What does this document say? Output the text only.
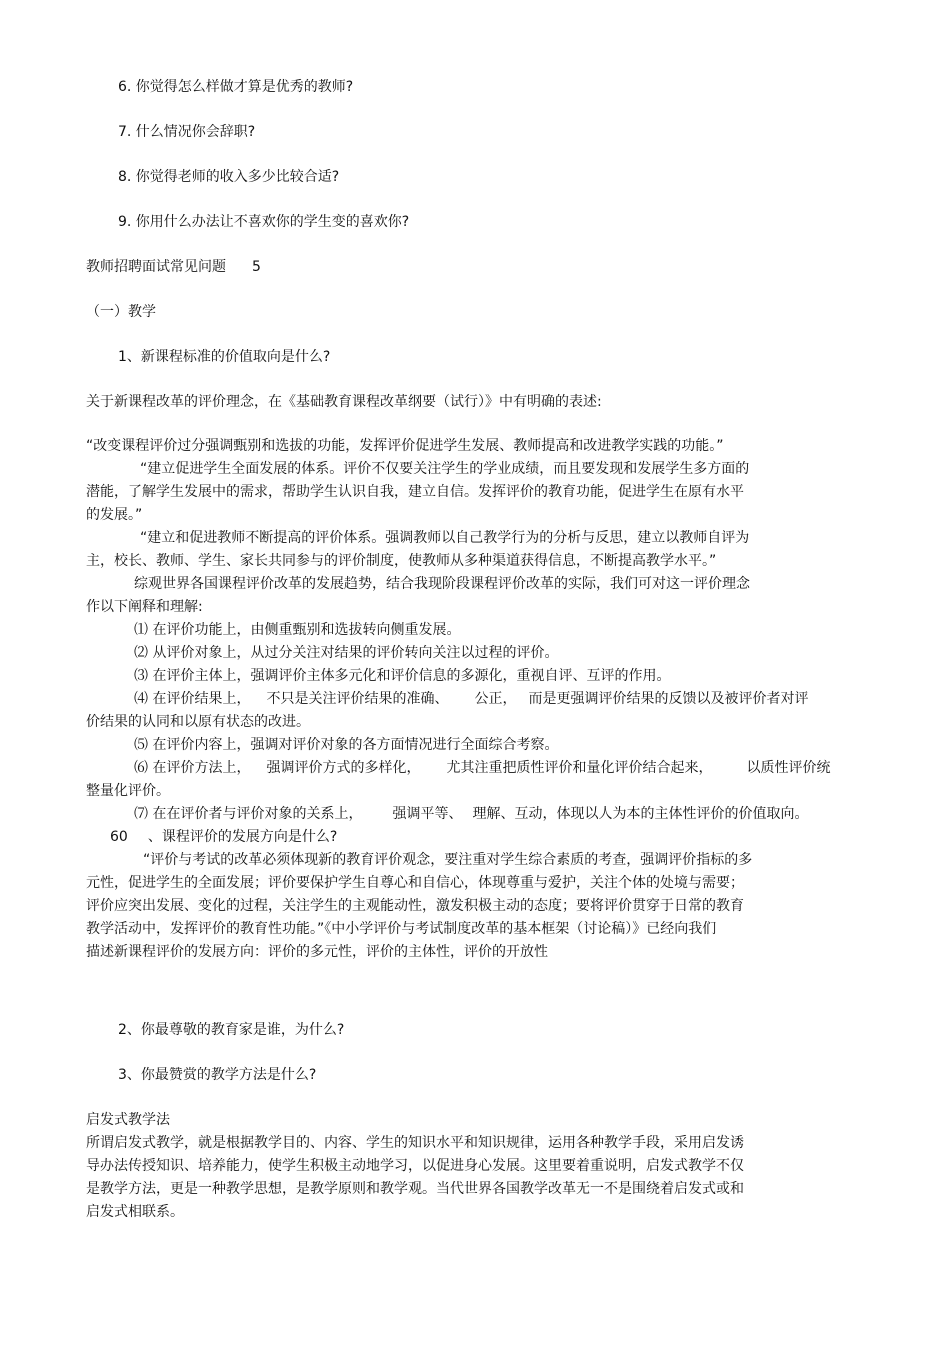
6. 你觉得怎么样做才算是优秀的教师?
7. 什么情况你会辞职?
8. 你觉得老师的收入多少比较合适?
9. 你用什么办法让不喜欢你的学生变的喜欢你?
教师招聘面试常见问题 5
（一）教学
1、新课程标准的价值取向是什么?
关于新课程改革的评价理念，在《基础教育课程改革纲要（试行）》中有明确的表述:
“改变课程评价过分强调甄别和选拔的功能，发挥评价促进学生发展、教师提高和改进教学实践的功能。”
“建立促进学生全面发展的体系。评价不仅要关注学生的学业成绩，而且要发现和发展学生多方面的
潜能，了解学生发展中的需求，帮助学生认识自我，建立自信。发挥评价的教育功能，促进学生在原有水平
的发展。”
“建立和促进教师不断提高的评价体系。强调教师以自己教学行为的分析与反思，建立以教师自评为
主，校长、教师、学生、家长共同参与的评价制度，使教师从多种渠道获得信息，不断提高教学水平。”
综观世界各国课程评价改革的发展趋势，结合我现阶段课程评价改革的实际，我们可对这一评价理念
作以下阐释和理解:
⑴ 在评价功能上，由侧重甄别和选拔转向侧重发展。
⑵ 从评价对象上，从过分关注对结果的评价转向关注以过程的评价。
⑶ 在评价主体上，强调评价主体多元化和评价信息的多源化，重视自评、互评的作用。
⑷ 在评价结果上， 不只是关注评价结果的准确、 公正， 而是更强调评价结果的反馈以及被评价者对评
价结果的认同和以原有状态的改进。
⑸ 在评价内容上，强调对评价对象的各方面情况进行全面综合考察。
⑹ 在评价方法上， 强调评价方式的多样化， 尤其注重把质性评价和量化评价结合起来， 以质性评价统
整量化评价。
⑺ 在在评价者与评价对象的关系上， 强调平等、 理解、互动，体现以人为本的主体性评价的价值取向。
60 、课程评价的发展方向是什么?
“评价与考试的改革必须体现新的教育评价观念，要注重对学生综合素质的考查，强调评价指标的多
元性，促进学生的全面发展；评价要保护学生自尊心和自信心，体现尊重与爱护，关注个体的处境与需要；
评价应突出发展、变化的过程，关注学生的主观能动性，激发积极主动的态度；要将评价贯穿于日常的教育
教学活动中，发挥评价的教育性功能。”《中小学评价与考试制度改革的基本框架（讨论稿）》已经向我们
描述新课程评价的发展方向：评价的多元性，评价的主体性，评价的开放性
2、你最尊敬的教育家是谁，为什么?
3、你最赞赏的教学方法是什么?
启发式教学法
所谓启发式教学，就是根据教学目的、内容、学生的知识水平和知识规律，运用各种教学手段，采用启发诱
导办法传授知识、培养能力，使学生积极主动地学习，以促进身心发展。这里要着重说明，启发式教学不仅
是教学方法，更是一种教学思想，是教学原则和教学观。当代世界各国教学改革无一不是围绕着启发式或和
启发式相联系。
